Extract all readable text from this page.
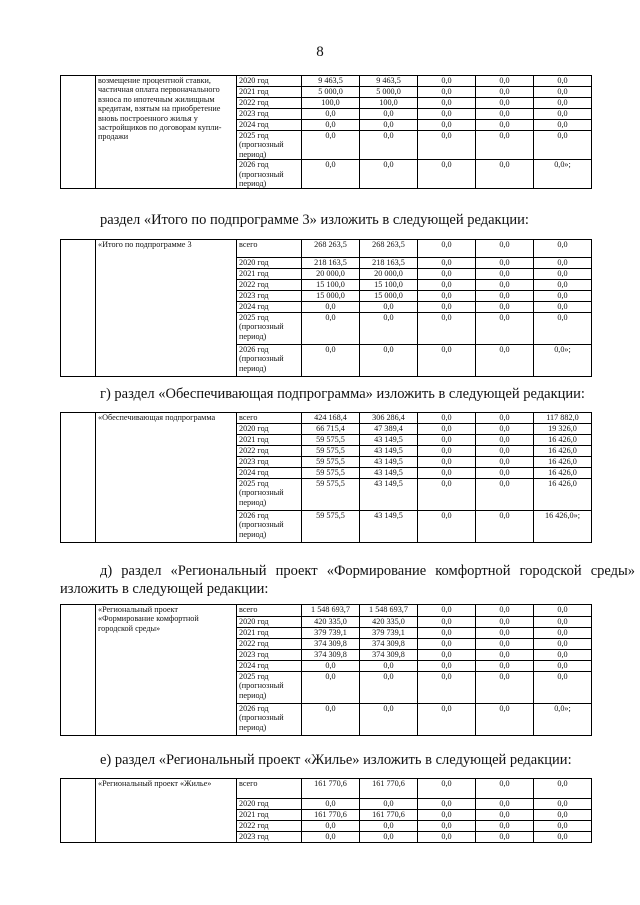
8
	возмещение процентной ставки, частичная оплата первоначального взноса по ипотечным жилищным кредитам, взятым на приобретение вновь построенного жилья у застройщиков по договорам купли-продажи	2020 год	9 463,5	9 463,5	0,0	0,0	0,0
		2021 год	5 000,0	5 000,0	0,0	0,0	0,0
		2022 год	100,0	100,0	0,0	0,0	0,0
		2023 год	0,0	0,0	0,0	0,0	0,0
		2024 год	0,0	0,0	0,0	0,0	0,0
		2025 год (прогнозный период)	0,0	0,0	0,0	0,0	0,0
		2026 год (прогнозный период)	0,0	0,0	0,0	0,0	0,0»;
раздел «Итого по подпрограмме 3» изложить в следующей редакции:
	«Итого по подпрограмме 3	всего	268 263,5	268 263,5	0,0	0,0	0,0
		2020 год	218 163,5	218 163,5	0,0	0,0	0,0
		2021 год	20 000,0	20 000,0	0,0	0,0	0,0
		2022 год	15 100,0	15 100,0	0,0	0,0	0,0
		2023 год	15 000,0	15 000,0	0,0	0,0	0,0
		2024 год	0,0	0,0	0,0	0,0	0,0
		2025 год (прогнозный период)	0,0	0,0	0,0	0,0	0,0
		2026 год (прогнозный период)	0,0	0,0	0,0	0,0	0,0»;
г) раздел «Обеспечивающая подпрограмма» изложить в следующей редакции:
	«Обеспечивающая подпрограмма	всего	424 168,4	306 286,4	0,0	0,0	117 882,0
		2020 год	66 715,4	47 389,4	0,0	0,0	19 326,0
		2021 год	59 575,5	43 149,5	0,0	0,0	16 426,0
		2022 год	59 575,5	43 149,5	0,0	0,0	16 426,0
		2023 год	59 575,5	43 149,5	0,0	0,0	16 426,0
		2024 год	59 575,5	43 149,5	0,0	0,0	16 426,0
		2025 год (прогнозный период)	59 575,5	43 149,5	0,0	0,0	16 426,0
		2026 год (прогнозный период)	59 575,5	43 149,5	0,0	0,0	16 426,0»;
д) раздел «Региональный проект «Формирование комфортной городской среды»
изложить в следующей редакции:
	«Региональный проект «Формирование комфортной городской среды»	всего	1 548 693,7	1 548 693,7	0,0	0,0	0,0
		2020 год	420 335,0	420 335,0	0,0	0,0	0,0
		2021 год	379 739,1	379 739,1	0,0	0,0	0,0
		2022 год	374 309,8	374 309,8	0,0	0,0	0,0
		2023 год	374 309,8	374 309,8	0,0	0,0	0,0
		2024 год	0,0	0,0	0,0	0,0	0,0
		2025 год (прогнозный период)	0,0	0,0	0,0	0,0	0,0
		2026 год (прогнозный период)	0,0	0,0	0,0	0,0	0,0»;
е) раздел «Региональный проект «Жилье» изложить в следующей редакции:
	«Региональный проект «Жилье»	всего	161 770,6	161 770,6	0,0	0,0	0,0
		2020 год	0,0	0,0	0,0	0,0	0,0
		2021 год	161 770,6	161 770,6	0,0	0,0	0,0
		2022 год	0,0	0,0	0,0	0,0	0,0
		2023 год	0,0	0,0	0,0	0,0	0,0
